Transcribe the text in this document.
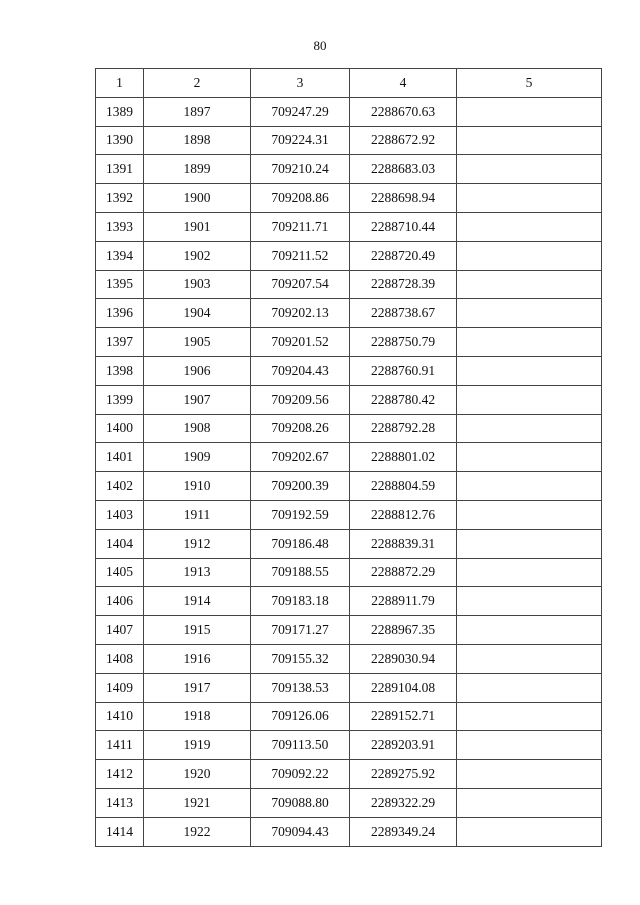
80
1	2	3	4	5
1389	1897	709247.29	2288670.63	
1390	1898	709224.31	2288672.92	
1391	1899	709210.24	2288683.03	
1392	1900	709208.86	2288698.94	
1393	1901	709211.71	2288710.44	
1394	1902	709211.52	2288720.49	
1395	1903	709207.54	2288728.39	
1396	1904	709202.13	2288738.67	
1397	1905	709201.52	2288750.79	
1398	1906	709204.43	2288760.91	
1399	1907	709209.56	2288780.42	
1400	1908	709208.26	2288792.28	
1401	1909	709202.67	2288801.02	
1402	1910	709200.39	2288804.59	
1403	1911	709192.59	2288812.76	
1404	1912	709186.48	2288839.31	
1405	1913	709188.55	2288872.29	
1406	1914	709183.18	2288911.79	
1407	1915	709171.27	2288967.35	
1408	1916	709155.32	2289030.94	
1409	1917	709138.53	2289104.08	
1410	1918	709126.06	2289152.71	
1411	1919	709113.50	2289203.91	
1412	1920	709092.22	2289275.92	
1413	1921	709088.80	2289322.29	
1414	1922	709094.43	2289349.24	
